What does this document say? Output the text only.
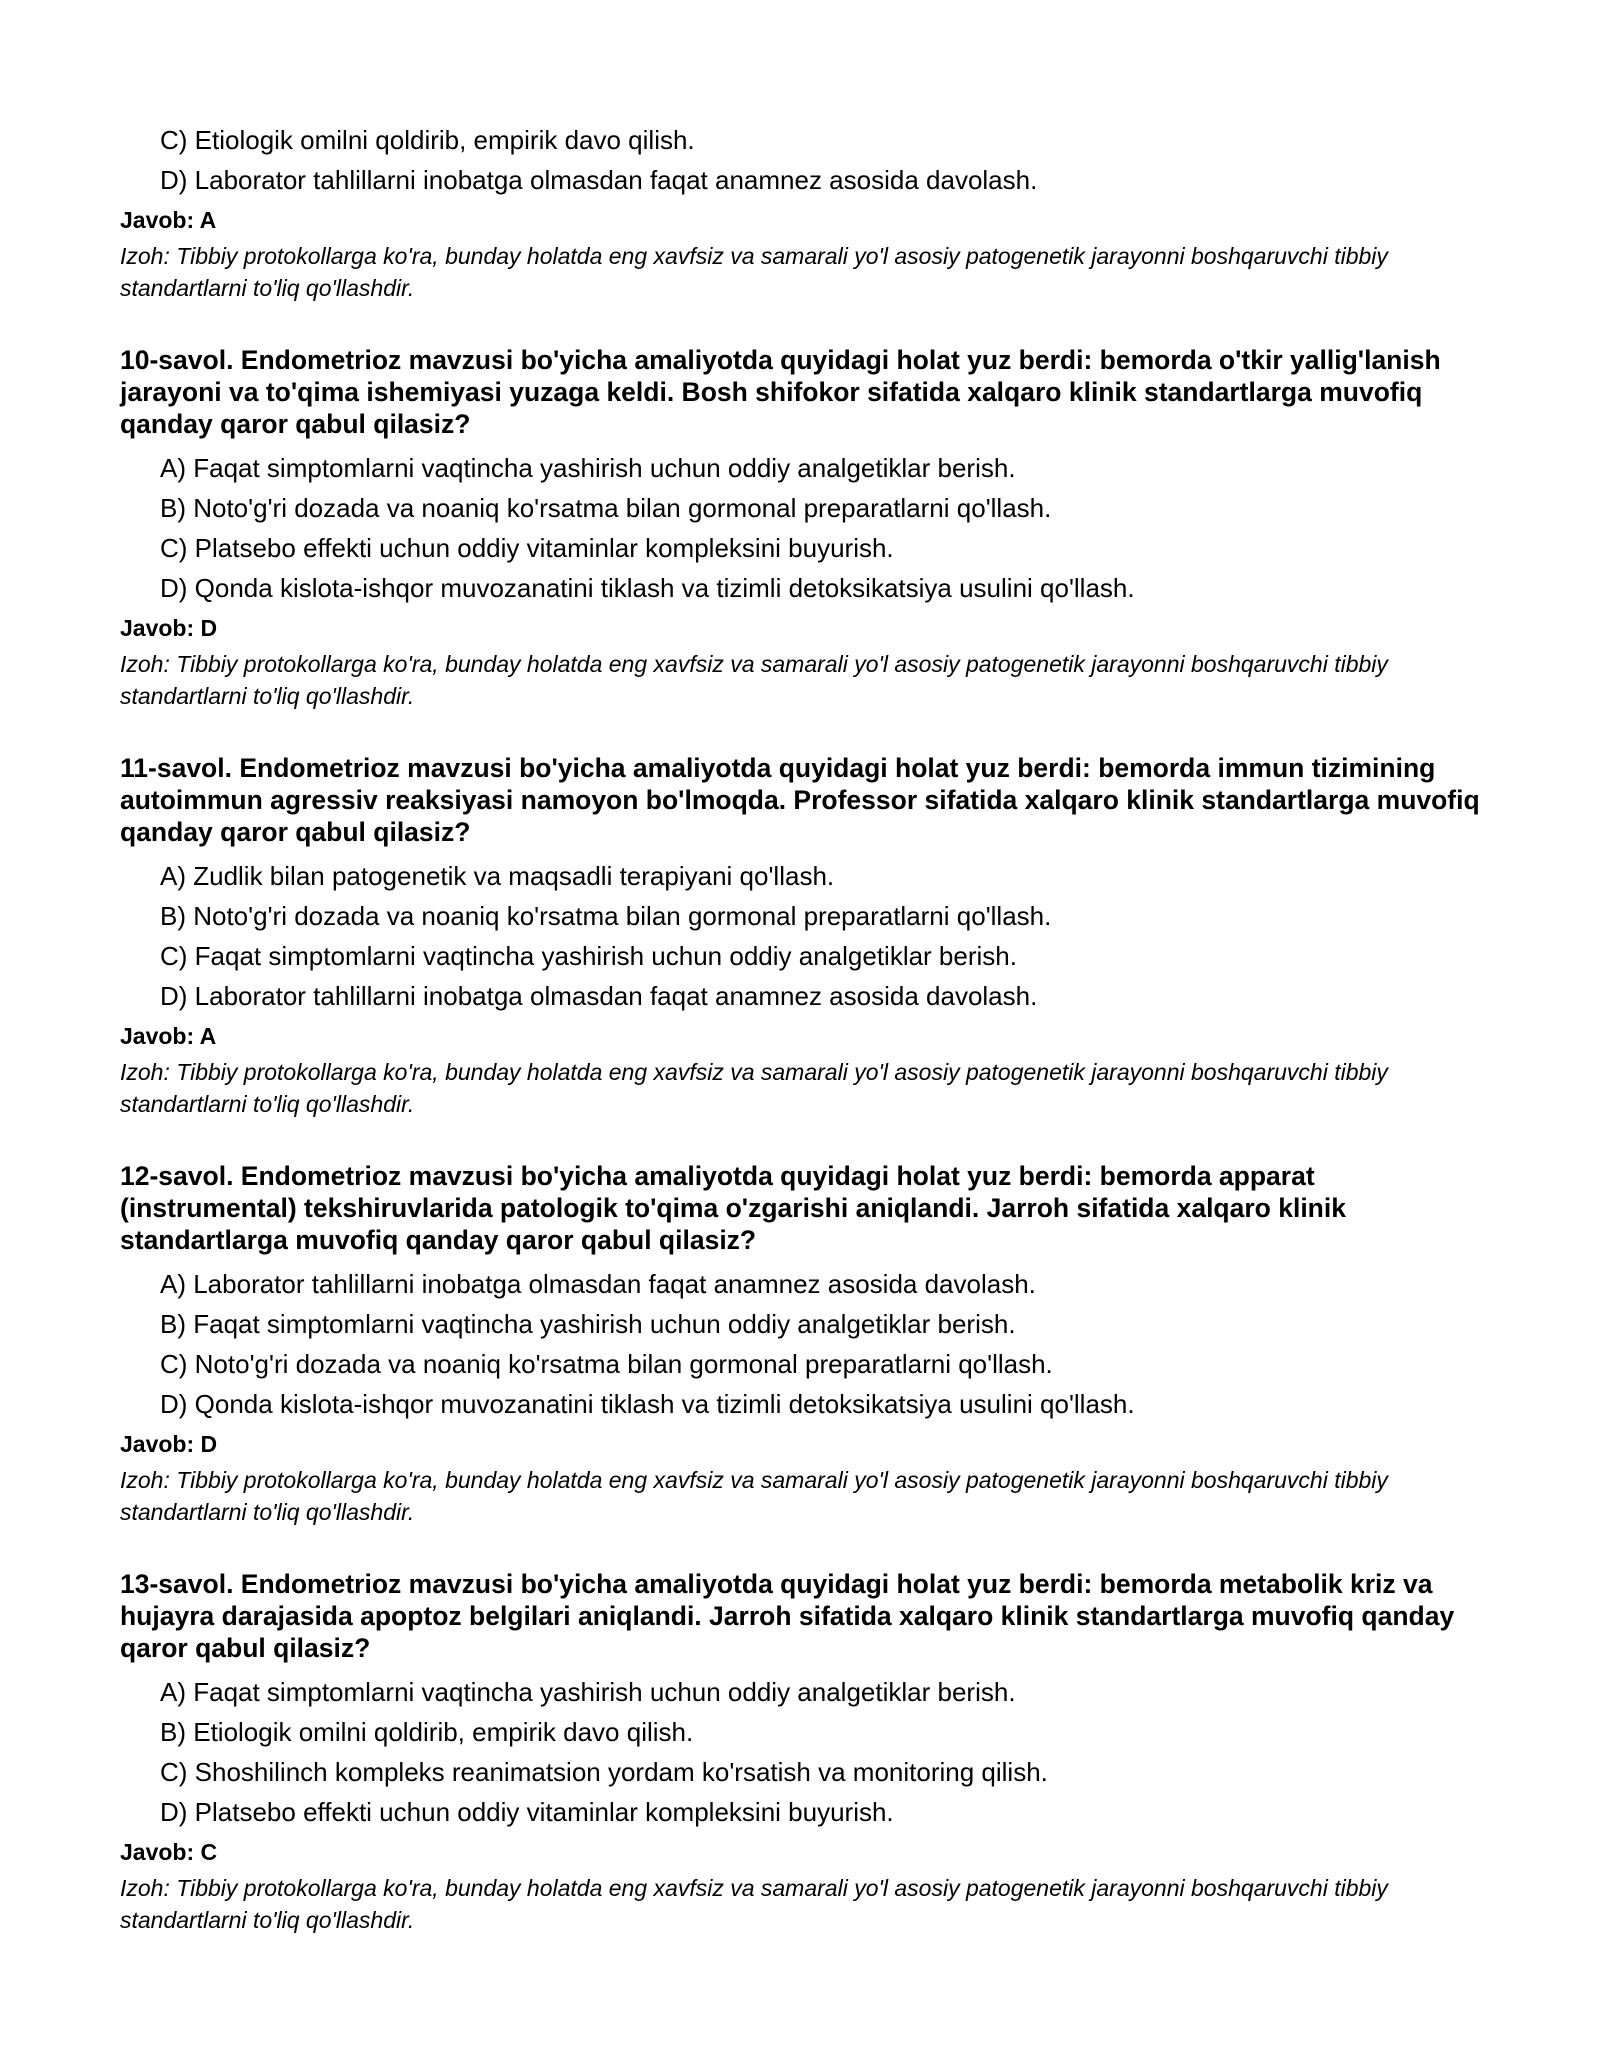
C) Etiologik omilni qoldirib, empirik davo qilish.
D) Laborator tahlillarni inobatga olmasdan faqat anamnez asosida davolash.
Javob: A
Izoh: Tibbiy protokollarga ko'ra, bunday holatda eng xavfsiz va samarali yo'l asosiy patogenetik jarayonni boshqaruvchi tibbiy standartlarni to'liq qo'llashdir.
10-savol. Endometrioz mavzusi bo'yicha amaliyotda quyidagi holat yuz berdi: bemorda o'tkir yallig'lanish jarayoni va to'qima ishemiyasi yuzaga keldi. Bosh shifokor sifatida xalqaro klinik standartlarga muvofiq qanday qaror qabul qilasiz?
A) Faqat simptomlarni vaqtincha yashirish uchun oddiy analgetiklar berish.
B) Noto'g'ri dozada va noaniq ko'rsatma bilan gormonal preparatlarni qo'llash.
C) Platsebo effekti uchun oddiy vitaminlar kompleksini buyurish.
D) Qonda kislota-ishqor muvozanatini tiklash va tizimli detoksikatsiya usulini qo'llash.
Javob: D
Izoh: Tibbiy protokollarga ko'ra, bunday holatda eng xavfsiz va samarali yo'l asosiy patogenetik jarayonni boshqaruvchi tibbiy standartlarni to'liq qo'llashdir.
11-savol. Endometrioz mavzusi bo'yicha amaliyotda quyidagi holat yuz berdi: bemorda immun tizimining autoimmun agressiv reaksiyasi namoyon bo'lmoqda. Professor sifatida xalqaro klinik standartlarga muvofiq qanday qaror qabul qilasiz?
A) Zudlik bilan patogenetik va maqsadli terapiyani qo'llash.
B) Noto'g'ri dozada va noaniq ko'rsatma bilan gormonal preparatlarni qo'llash.
C) Faqat simptomlarni vaqtincha yashirish uchun oddiy analgetiklar berish.
D) Laborator tahlillarni inobatga olmasdan faqat anamnez asosida davolash.
Javob: A
Izoh: Tibbiy protokollarga ko'ra, bunday holatda eng xavfsiz va samarali yo'l asosiy patogenetik jarayonni boshqaruvchi tibbiy standartlarni to'liq qo'llashdir.
12-savol. Endometrioz mavzusi bo'yicha amaliyotda quyidagi holat yuz berdi: bemorda apparat (instrumental) tekshiruvlarida patologik to'qima o'zgarishi aniqlandi. Jarroh sifatida xalqaro klinik standartlarga muvofiq qanday qaror qabul qilasiz?
A) Laborator tahlillarni inobatga olmasdan faqat anamnez asosida davolash.
B) Faqat simptomlarni vaqtincha yashirish uchun oddiy analgetiklar berish.
C) Noto'g'ri dozada va noaniq ko'rsatma bilan gormonal preparatlarni qo'llash.
D) Qonda kislota-ishqor muvozanatini tiklash va tizimli detoksikatsiya usulini qo'llash.
Javob: D
Izoh: Tibbiy protokollarga ko'ra, bunday holatda eng xavfsiz va samarali yo'l asosiy patogenetik jarayonni boshqaruvchi tibbiy standartlarni to'liq qo'llashdir.
13-savol. Endometrioz mavzusi bo'yicha amaliyotda quyidagi holat yuz berdi: bemorda metabolik kriz va hujayra darajasida apoptoz belgilari aniqlandi. Jarroh sifatida xalqaro klinik standartlarga muvofiq qanday qaror qabul qilasiz?
A) Faqat simptomlarni vaqtincha yashirish uchun oddiy analgetiklar berish.
B) Etiologik omilni qoldirib, empirik davo qilish.
C) Shoshilinch kompleks reanimatsion yordam ko'rsatish va monitoring qilish.
D) Platsebo effekti uchun oddiy vitaminlar kompleksini buyurish.
Javob: C
Izoh: Tibbiy protokollarga ko'ra, bunday holatda eng xavfsiz va samarali yo'l asosiy patogenetik jarayonni boshqaruvchi tibbiy standartlarni to'liq qo'llashdir.
